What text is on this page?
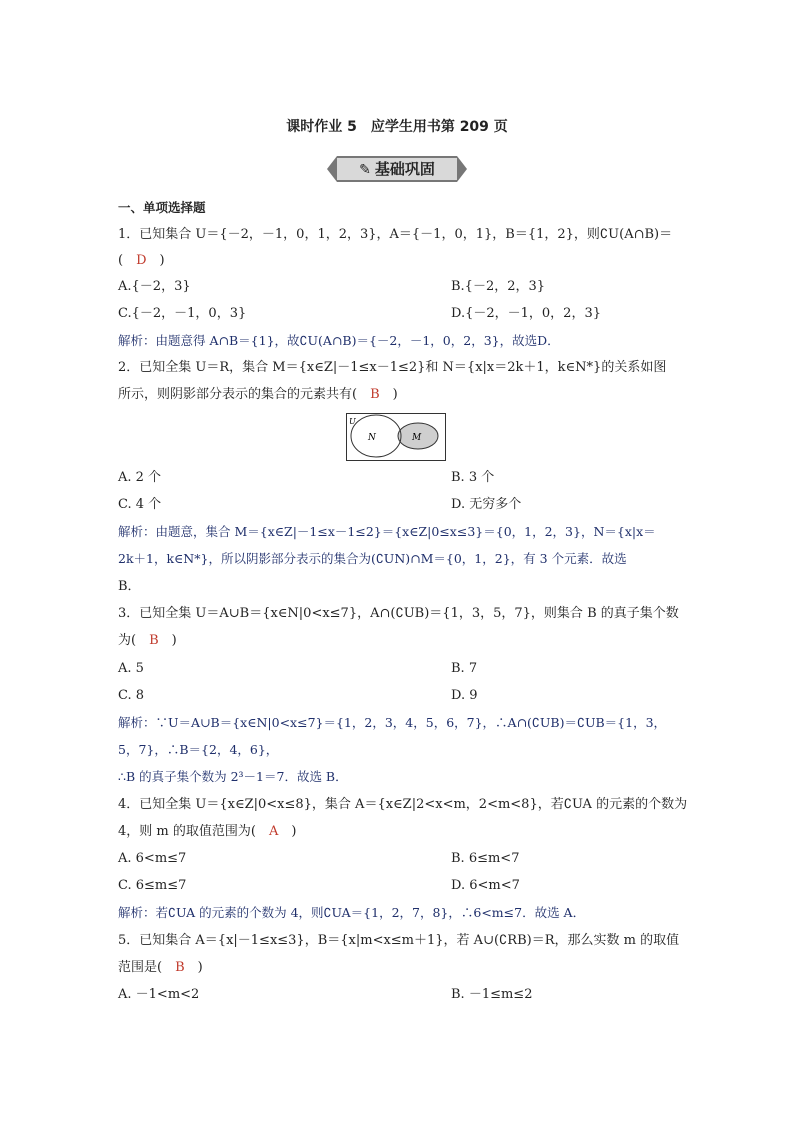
课时作业 5　应学生用书第 209 页
✎ 基础巩固
一、单项选择题
1．已知集合 U＝{－2，－1，0，1，2，3}，A＝{－1，0，1}，B＝{1，2}，则∁U(A∩B)＝
(　D　)
A.{－2，3}	B.{－2，2，3}
C.{－2，－1，0，3}	D.{－2，－1，0，2，3}
解析：由题意得 A∩B＝{1}，故∁U(A∩B)＝{－2，－1，0，2，3}，故选D．
2．已知全集 U＝R，集合 M＝{x∈Z|－1≤x－1≤2}和 N＝{x|x＝2k＋1，k∈N*}的关系如图
所示，则阴影部分表示的集合的元素共有(　B　)
U
N	M
A. 2 个	B. 3 个
C. 4 个	D. 无穷多个
解析：由题意，集合 M＝{x∈Z|－1≤x－1≤2}＝{x∈Z|0≤x≤3}＝{0，1，2，3}，N＝{x|x＝
2k＋1，k∈N*}，所以阴影部分表示的集合为(∁UN)∩M＝{0，1，2}，有 3 个元素．故选
B．
3．已知全集 U＝A∪B＝{x∈N|0<x≤7}，A∩(∁UB)＝{1，3，5，7}，则集合 B 的真子集个数
为(　B　)
A. 5	B. 7
C. 8	D. 9
解析：∵U＝A∪B＝{x∈N|0<x≤7}＝{1，2，3，4，5，6，7}，∴A∩(∁UB)＝∁UB＝{1，3，
5，7}，∴B＝{2，4，6}，
∴B 的真子集个数为 2³－1＝7．故选 B．
4．已知全集 U＝{x∈Z|0<x≤8}，集合 A＝{x∈Z|2<x<m，2<m<8}，若∁UA 的元素的个数为
4，则 m 的取值范围为(　A　)
A. 6<m≤7	B. 6≤m<7
C. 6≤m≤7	D. 6<m<7
解析：若∁UA 的元素的个数为 4，则∁UA＝{1，2，7，8}，∴6<m≤7．故选 A．
5．已知集合 A＝{x|－1≤x≤3}，B＝{x|m<x≤m＋1}，若 A∪(∁RB)＝R，那么实数 m 的取值
范围是(　B　)
A. －1<m<2	B. －1≤m≤2
